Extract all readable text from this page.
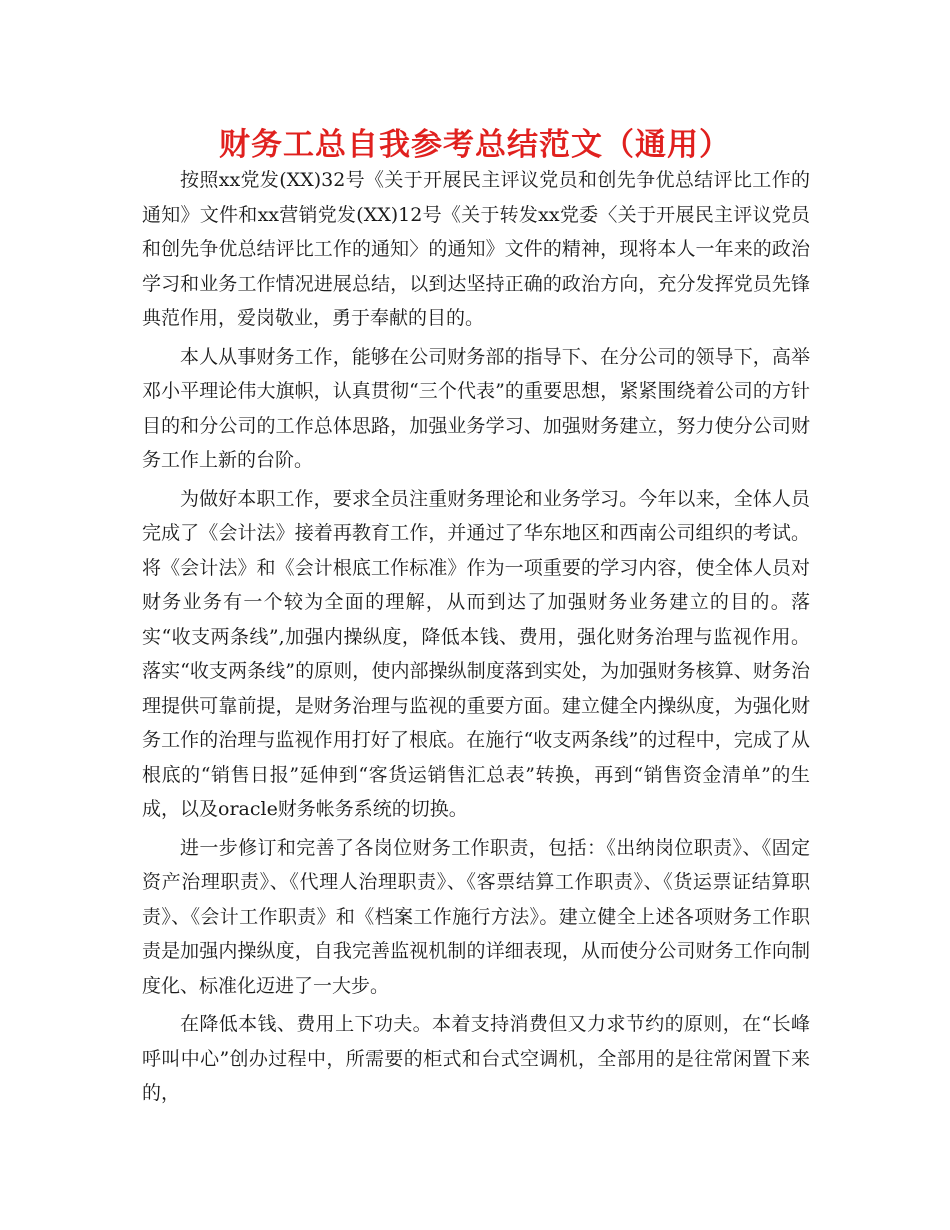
财务工总自我参考总结范文（通用）

按照xx党发(XX)32号《关于开展民主评议党员和创先争优总结评比工作的通知》文件和xx营销党发(XX)12号《关于转发xx党委〈关于开展民主评议党员和创先争优总结评比工作的通知〉的通知》文件的精神，现将本人一年来的政治学习和业务工作情况进展总结，以到达坚持正确的政治方向，充分发挥党员先锋典范作用，爱岗敬业，勇于奉献的目的。

本人从事财务工作，能够在公司财务部的指导下、在分公司的领导下，高举邓小平理论伟大旗帜，认真贯彻“三个代表”的重要思想，紧紧围绕着公司的方针目的和分公司的工作总体思路，加强业务学习、加强财务建立，努力使分公司财务工作上新的台阶。

为做好本职工作，要求全员注重财务理论和业务学习。今年以来，全体人员完成了《会计法》接着再教育工作，并通过了华东地区和西南公司组织的考试。将《会计法》和《会计根底工作标准》作为一项重要的学习内容，使全体人员对财务业务有一个较为全面的理解，从而到达了加强财务业务建立的目的。落实“收支两条线”,加强内操纵度，降低本钱、费用，强化财务治理与监视作用。落实“收支两条线”的原则，使内部操纵制度落到实处，为加强财务核算、财务治理提供可靠前提，是财务治理与监视的重要方面。建立健全内操纵度，为强化财务工作的治理与监视作用打好了根底。在施行“收支两条线”的过程中，完成了从根底的“销售日报”延伸到“客货运销售汇总表”转换，再到“销售资金清单”的生成，以及oracle财务帐务系统的切换。

进一步修订和完善了各岗位财务工作职责，包括：《出纳岗位职责》、《固定资产治理职责》、《代理人治理职责》、《客票结算工作职责》、《货运票证结算职责》、《会计工作职责》和《档案工作施行方法》。建立健全上述各项财务工作职责是加强内操纵度，自我完善监视机制的详细表现，从而使分公司财务工作向制度化、标准化迈进了一大步。

在降低本钱、费用上下功夫。本着支持消费但又力求节约的原则，在“长峰呼叫中心”创办过程中，所需要的柜式和台式空调机，全部用的是往常闲置下来的，
